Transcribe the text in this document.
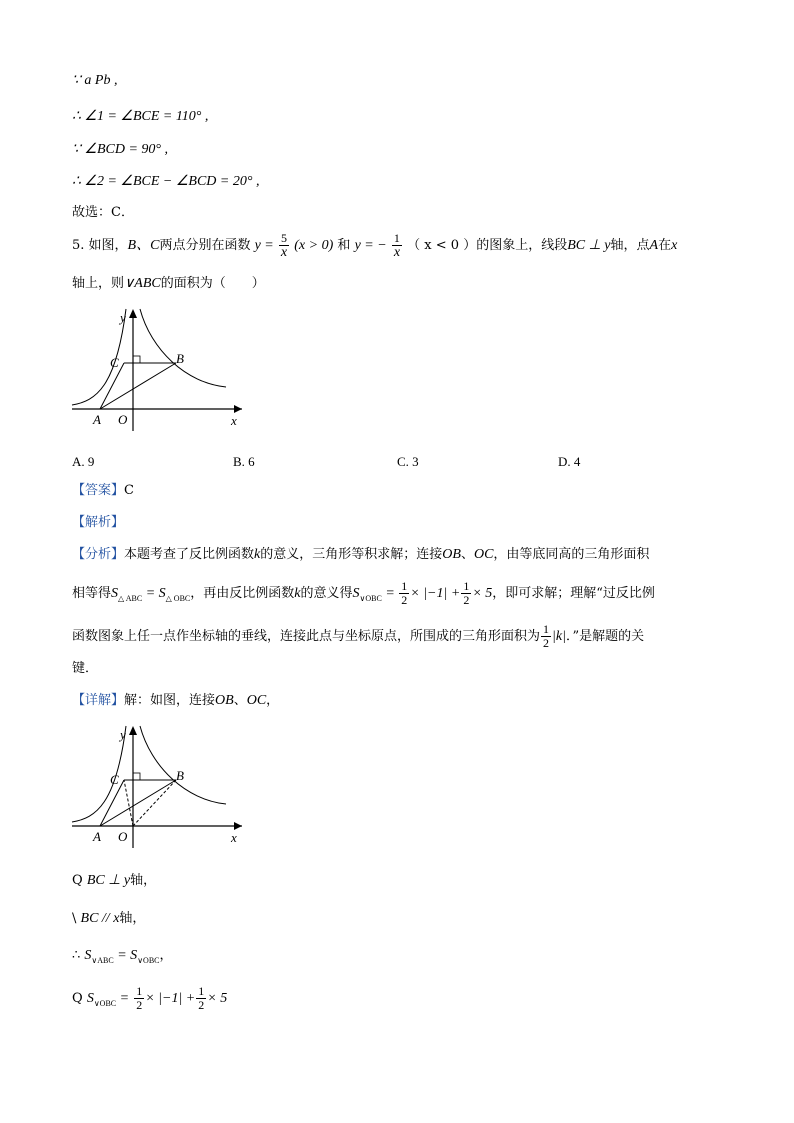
∵ a Pb ,
∴ ∠1 = ∠BCE = 110° ,
∵ ∠BCD = 90° ,
∴ ∠2 = ∠BCE − ∠BCD = 20° ,
故选：C．
5. 如图，B、C两点分别在函数 $y = \frac{5}{x} (x > 0)$ 和 y = − $\frac{1}{x}$ （ x < 0 ）的图象上，线段BC ⊥ y轴，点A在x
轴上，则∨ABC的面积为（　　）
y
x
C	B
A O
A. 9	B. 6	C. 3	D. 4
【答案】C
【解析】
【分析】本题考查了反比例函数k的意义，三角形等积求解；连接OB、OC，由等底同高的三角形面积
相等得$S_{\triangle ABC} = S_{\triangle OBC}$，再由反比例函数k的意义得$S_{\vee OBC} = \frac{1}{2} \times |-1| + \frac{1}{2} \times 5$，即可求解；理解“过反比例
函数图象上任一点作坐标轴的垂线，连接此点与坐标原点，所围成的三角形面积为 $\frac{1}{2} |k|$．”是解题的关
键．
【详解】解：如图，连接OB、OC，
y
x
C	B
A O
Q BC ⊥ y轴，
\ BC // x轴，
∴ $S_{\vee ABC} = S_{\vee OBC}$，
Q $S_{\vee OBC} = \frac{1}{2} \times |-1| + \frac{1}{2} \times 5$
